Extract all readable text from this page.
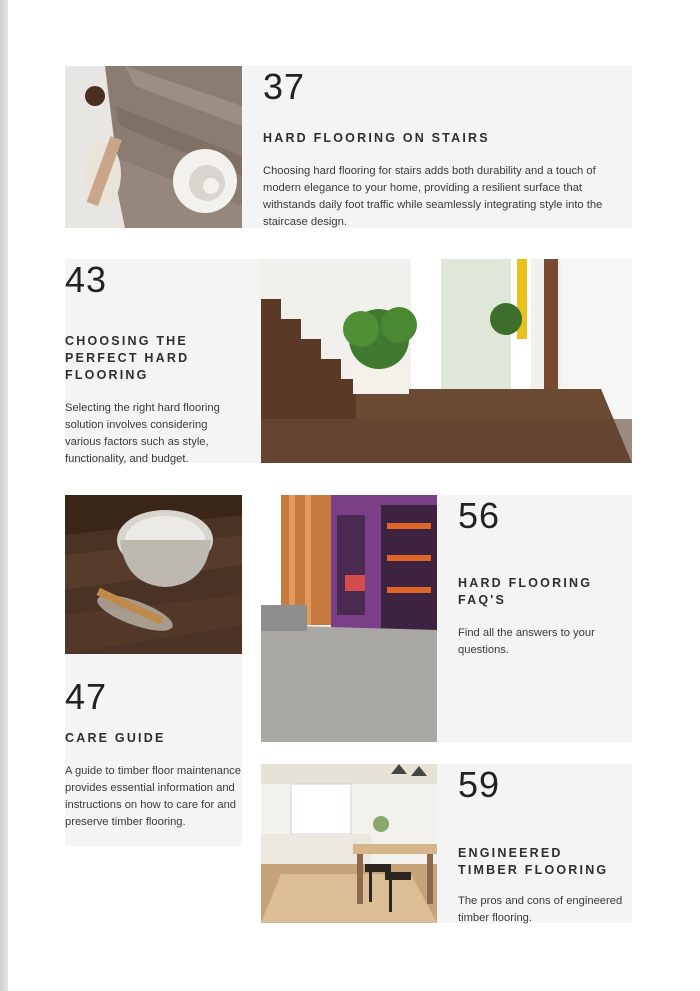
37
HARD FLOORING ON STAIRS
Choosing hard flooring for stairs adds both durability and a touch of modern elegance to your home, providing a resilient surface that withstands daily foot traffic while seamlessly integrating style into the staircase design.
43
CHOOSING THE PERFECT HARD FLOORING
Selecting the right hard flooring solution involves considering various factors such as style, functionality, and budget.
47
CARE GUIDE
A guide to timber floor maintenance provides essential information and instructions on how to care for and preserve timber flooring.
56
HARD FLOORING FAQ'S
Find all the answers to your questions.
59
ENGINEERED TIMBER FLOORING
The pros and cons of engineered timber flooring.
